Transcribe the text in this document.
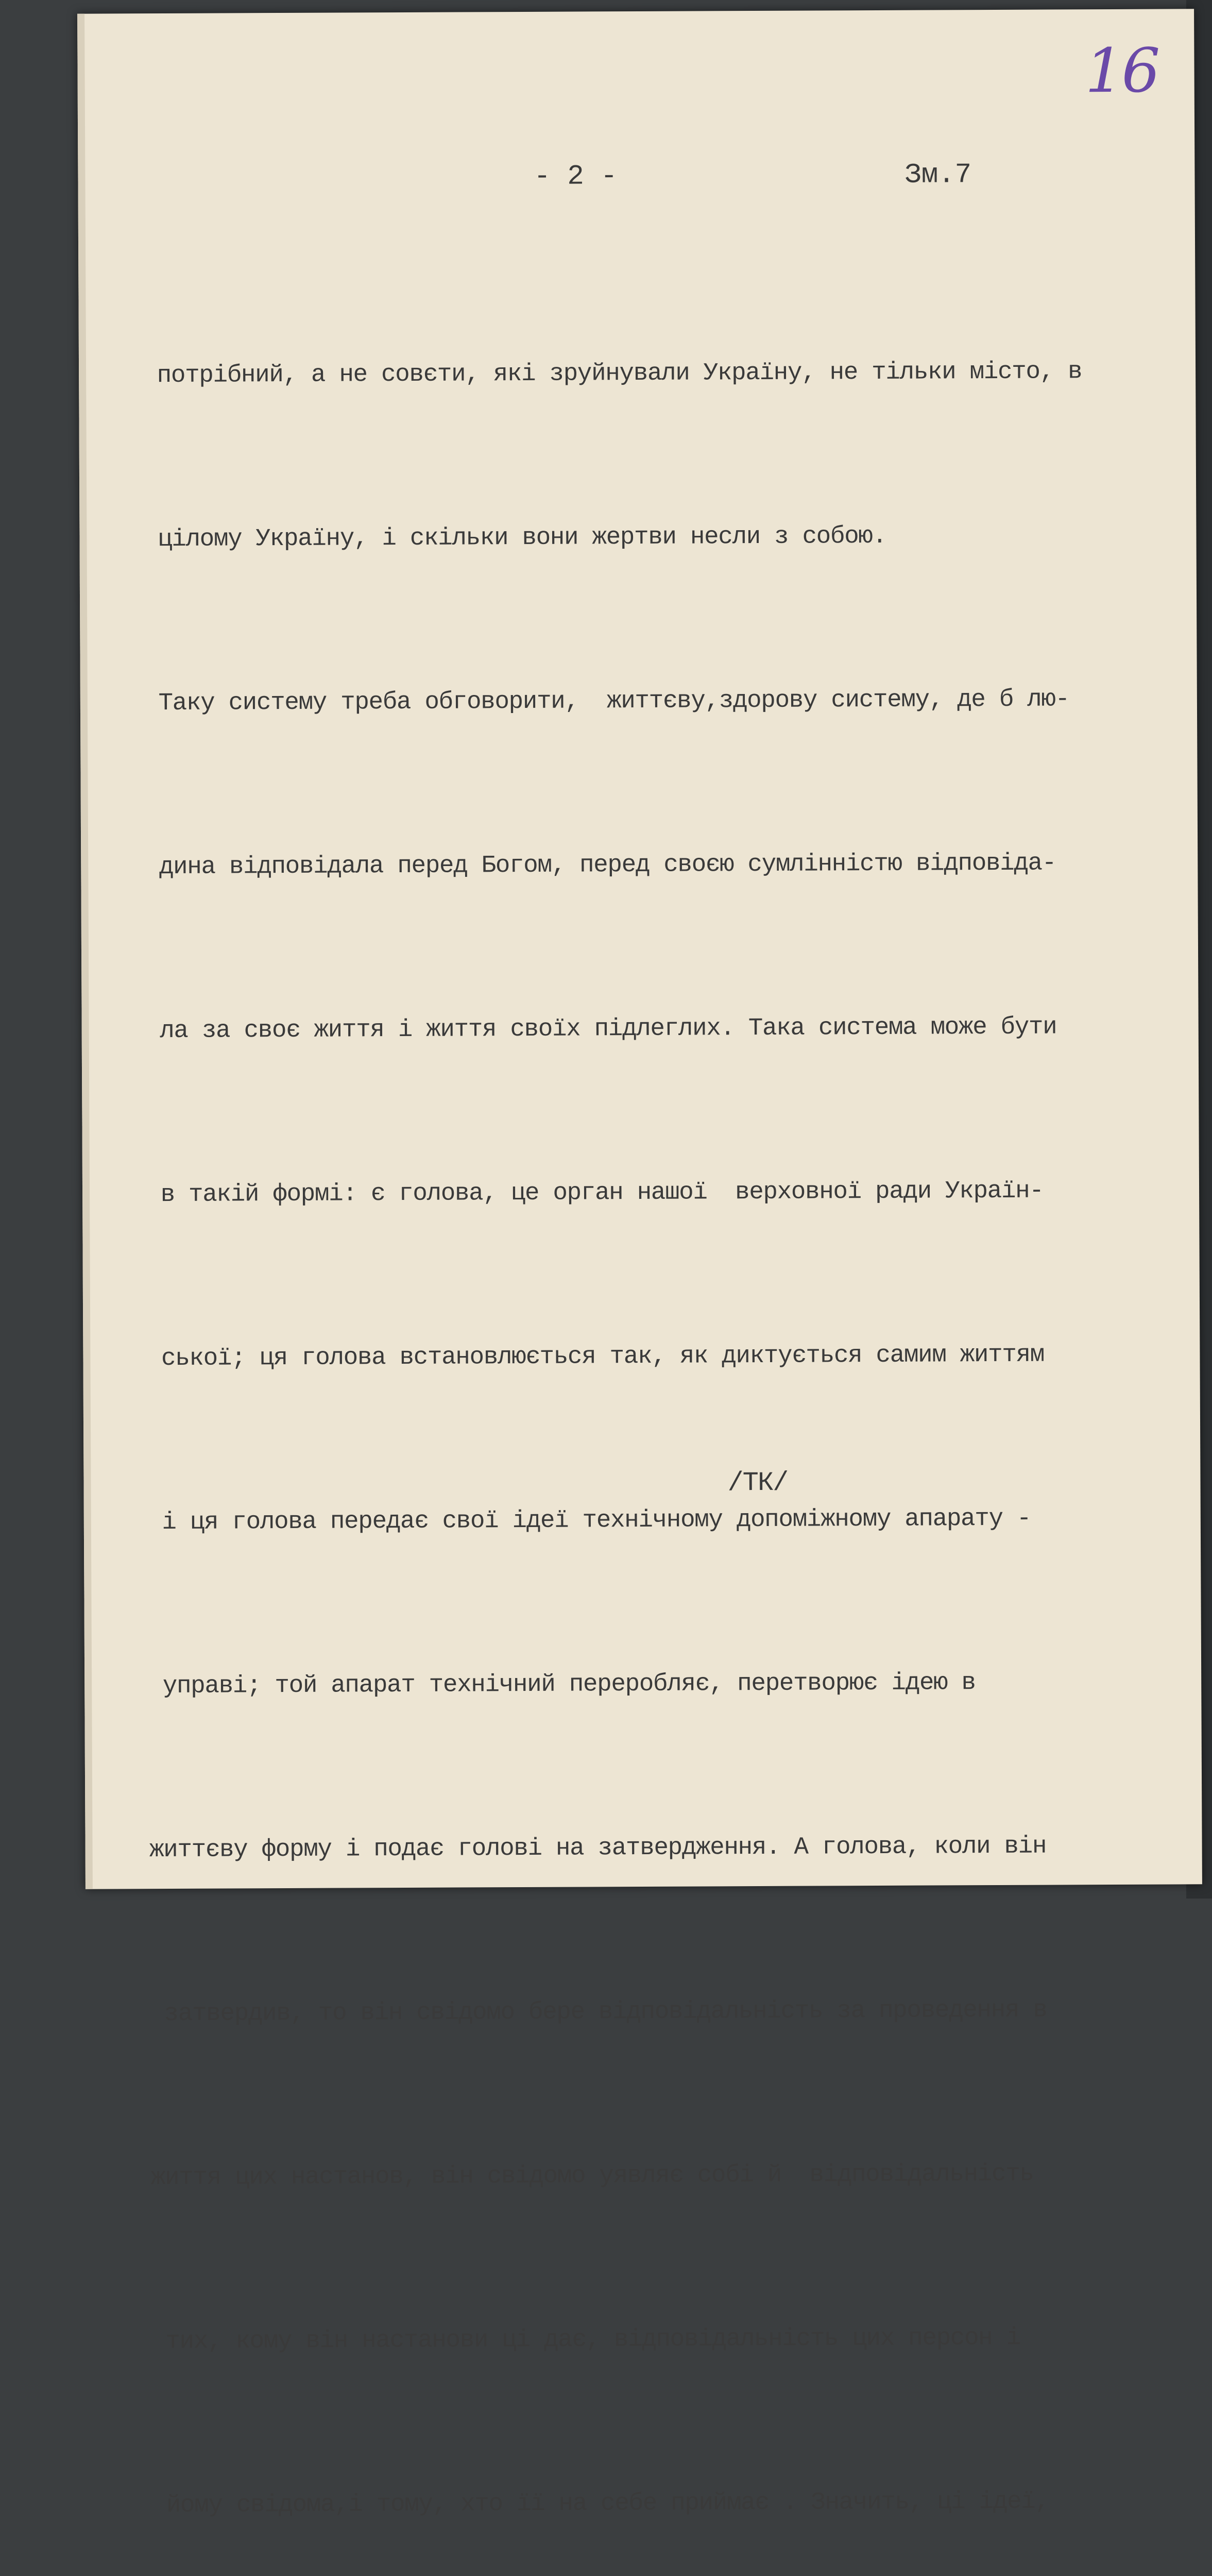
16
- 2 -	Зм.7

потрібний, а не совєти, які зруйнували Україну, не тільки місто, в

цілому Україну, і скільки вони жертви несли з собою.

Таку систему треба обговорити,  життєву,здорову систему, де б лю-

дина відповідала перед Богом, перед своєю сумлінністю відповіда-

ла за своє життя і життя своїх підлеглих. Така система може бути

в такій формі: є голова, це орган нашої  верховної ради Україн-

ської; ця голова встановлюється так, як диктується самим життям

і ця голова передає свої ідеї технічному допоміжному апарату -

управі; той апарат технічний переробляє, перетворює ідею в

життєву форму і подає голові на затвердження. А голова, коли він

затвердив, то він свідомо бере відповідальність за проведення в

життя цих настанов, він свідомо уявляє собі й  відповідальність

тих, кому він настанови ці дає, відповідальність цих персон і

йому свідома,і тому, хто її на себе приймає . Значить, ці ідеї,

/ТК/
